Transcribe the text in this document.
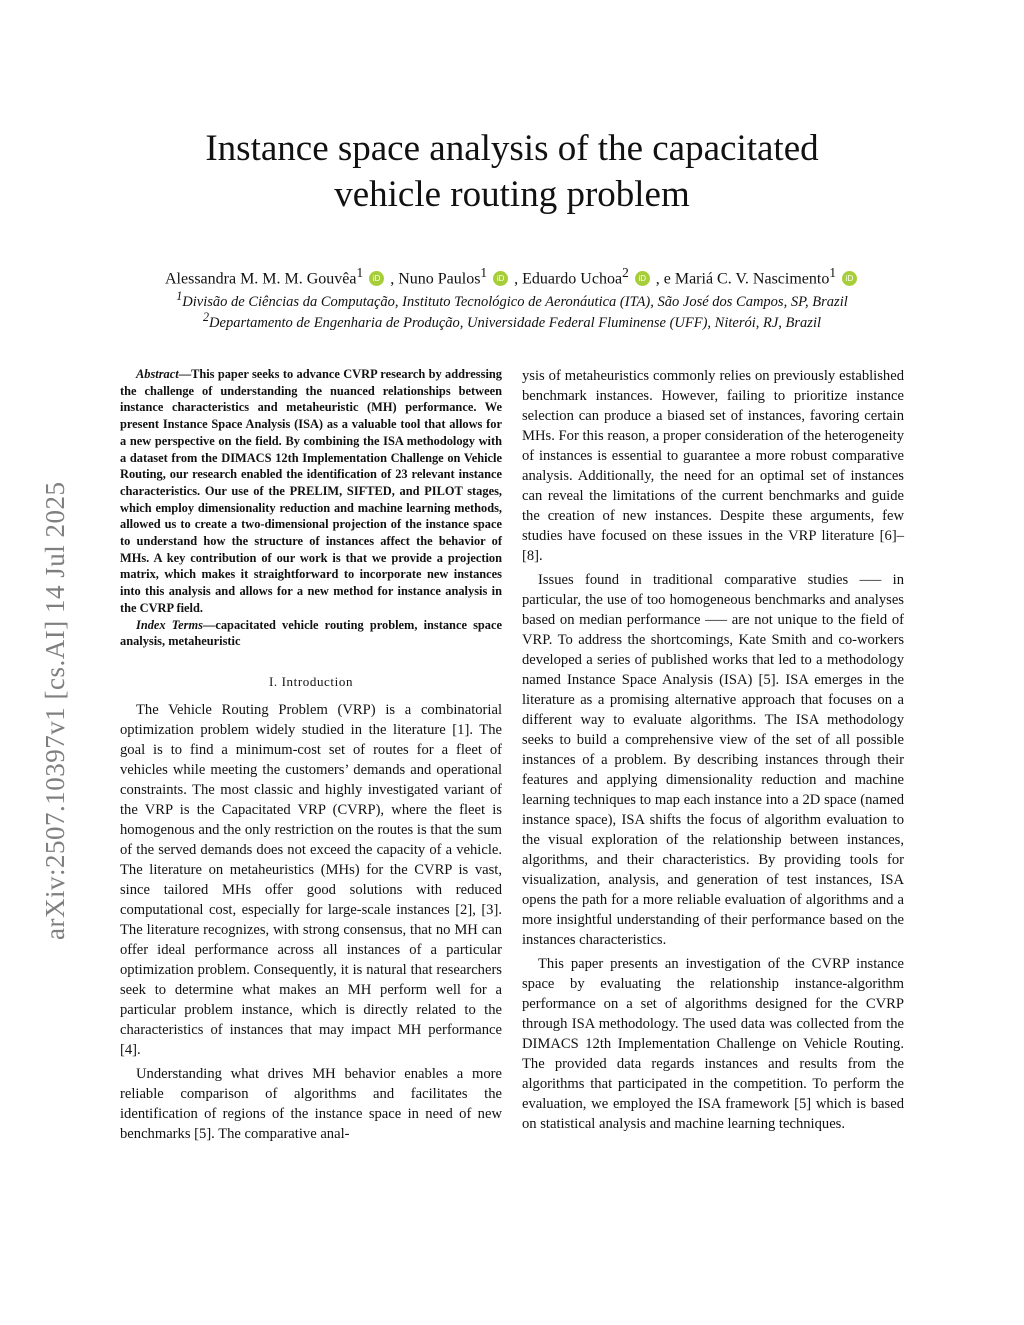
arXiv:2507.10397v1 [cs.AI] 14 Jul 2025
Instance space analysis of the capacitated
vehicle routing problem
Alessandra M. M. M. Gouvêa$^1$ iD , Nuno Paulos$^1$ iD , Eduardo Uchoa$^2$ iD , e Mariá C. V. Nascimento$^1$ iD
$^1$Divisão de Ciências da Computação, Instituto Tecnológico de Aeronáutica (ITA), São José dos Campos, SP, Brazil
$^2$Departamento de Engenharia de Produção, Universidade Federal Fluminense (UFF), Niterói, RJ, Brazil

Abstract—This paper seeks to advance CVRP research by addressing the challenge of understanding the nuanced relationships between instance characteristics and metaheuristic (MH) performance. We present Instance Space Analysis (ISA) as a valuable tool that allows for a new perspective on the field. By combining the ISA methodology with a dataset from the DIMACS 12th Implementation Challenge on Vehicle Routing, our research enabled the identification of 23 relevant instance characteristics. Our use of the PRELIM, SIFTED, and PILOT stages, which employ dimensionality reduction and machine learning methods, allowed us to create a two-dimensional projection of the instance space to understand how the structure of instances affect the behavior of MHs. A key contribution of our work is that we provide a projection matrix, which makes it straightforward to incorporate new instances into this analysis and allows for a new method for instance analysis in the CVRP field.

Index Terms—capacitated vehicle routing problem, instance space analysis, metaheuristic

I. Introduction

The Vehicle Routing Problem (VRP) is a combinatorial optimization problem widely studied in the literature [1]. The goal is to find a minimum-cost set of routes for a fleet of vehicles while meeting the customers’ demands and operational constraints. The most classic and highly investigated variant of the VRP is the Capacitated VRP (CVRP), where the fleet is homogenous and the only restriction on the routes is that the sum of the served demands does not exceed the capacity of a vehicle. The literature on metaheuristics (MHs) for the CVRP is vast, since tailored MHs offer good solutions with reduced computational cost, especially for large-scale instances [2], [3]. The literature recognizes, with strong consensus, that no MH can offer ideal performance across all instances of a particular optimization problem. Consequently, it is natural that researchers seek to determine what makes an MH perform well for a particular problem instance, which is directly related to the characteristics of instances that may impact MH performance [4].

Understanding what drives MH behavior enables a more reliable comparison of algorithms and facilitates the identification of regions of the instance space in need of new benchmarks [5]. The comparative anal-

ysis of metaheuristics commonly relies on previously established benchmark instances. However, failing to prioritize instance selection can produce a biased set of instances, favoring certain MHs. For this reason, a proper consideration of the heterogeneity of instances is essential to guarantee a more robust comparative analysis. Additionally, the need for an optimal set of instances can reveal the limitations of the current benchmarks and guide the creation of new instances. Despite these arguments, few studies have focused on these issues in the VRP literature [6]–[8].

Issues found in traditional comparative studies —– in particular, the use of too homogeneous benchmarks and analyses based on median performance —– are not unique to the field of VRP. To address the shortcomings, Kate Smith and co-workers developed a series of published works that led to a methodology named Instance Space Analysis (ISA) [5]. ISA emerges in the literature as a promising alternative approach that focuses on a different way to evaluate algorithms. The ISA methodology seeks to build a comprehensive view of the set of all possible instances of a problem. By describing instances through their features and applying dimensionality reduction and machine learning techniques to map each instance into a 2D space (named instance space), ISA shifts the focus of algorithm evaluation to the visual exploration of the relationship between instances, algorithms, and their characteristics. By providing tools for visualization, analysis, and generation of test instances, ISA opens the path for a more reliable evaluation of algorithms and a more insightful understanding of their performance based on the instances characteristics.

This paper presents an investigation of the CVRP instance space by evaluating the relationship instance-algorithm performance on a set of algorithms designed for the CVRP through ISA methodology. The used data was collected from the DIMACS 12th Implementation Challenge on Vehicle Routing. The provided data regards instances and results from the algorithms that participated in the competition. To perform the evaluation, we employed the ISA framework [5] which is based on statistical analysis and machine learning techniques.
